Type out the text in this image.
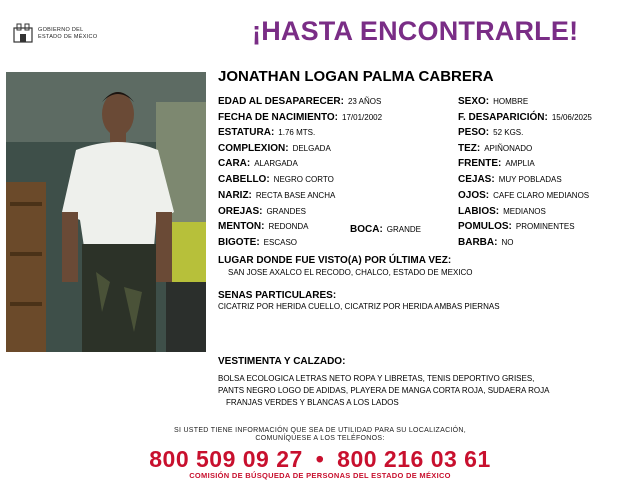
GOBIERNO DEL
ESTADO DE MÉXICO	¡HASTA ENCONTRARLE!
JONATHAN LOGAN PALMA CABRERA
EDAD AL DESAPARECER: 23 AÑOS	SEXO: HOMBRE
FECHA DE NACIMIENTO: 17/01/2002	F. DESAPARICIÓN: 15/06/2025
ESTATURA: 1.76 MTS.	PESO: 52 KGS.
COMPLEXION: DELGADA	TEZ: APIÑONADO
CARA: ALARGADA	FRENTE: AMPLIA
CABELLO: NEGRO CORTO	CEJAS: MUY POBLADAS
NARIZ: RECTA BASE ANCHA	OJOS: CAFE CLARO MEDIANOS
OREJAS: GRANDES	LABIOS: MEDIANOS
MENTON: REDONDA	BOCA: GRANDE	POMULOS: PROMINENTES
BIGOTE: ESCASO	BARBA: NO
LUGAR DONDE FUE VISTO(A) POR ÚLTIMA VEZ:
SAN JOSE AXALCO EL RECODO, CHALCO, ESTADO DE MEXICO
SENAS PARTICULARES:
CICATRIZ POR HERIDA CUELLO, CICATRIZ POR HERIDA AMBAS PIERNAS
VESTIMENTA Y CALZADO:
BOLSA ECOLOGICA LETRAS NETO ROPA Y LIBRETAS, TENIS DEPORTIVO GRISES,
PANTS NEGRO LOGO DE ADIDAS, PLAYERA DE MANGA CORTA ROJA, SUDAERA ROJA
FRANJAS VERDES Y BLANCAS A LOS LADOS
SI USTED TIENE INFORMACIÓN QUE SEA DE UTILIDAD PARA SU LOCALIZACIÓN,
COMUNÍQUESE A LOS TELÉFONOS:
800 509 09 27 • 800 216 03 61
COMISIÓN DE BÚSQUEDA DE PERSONAS DEL ESTADO DE MÉXICO
